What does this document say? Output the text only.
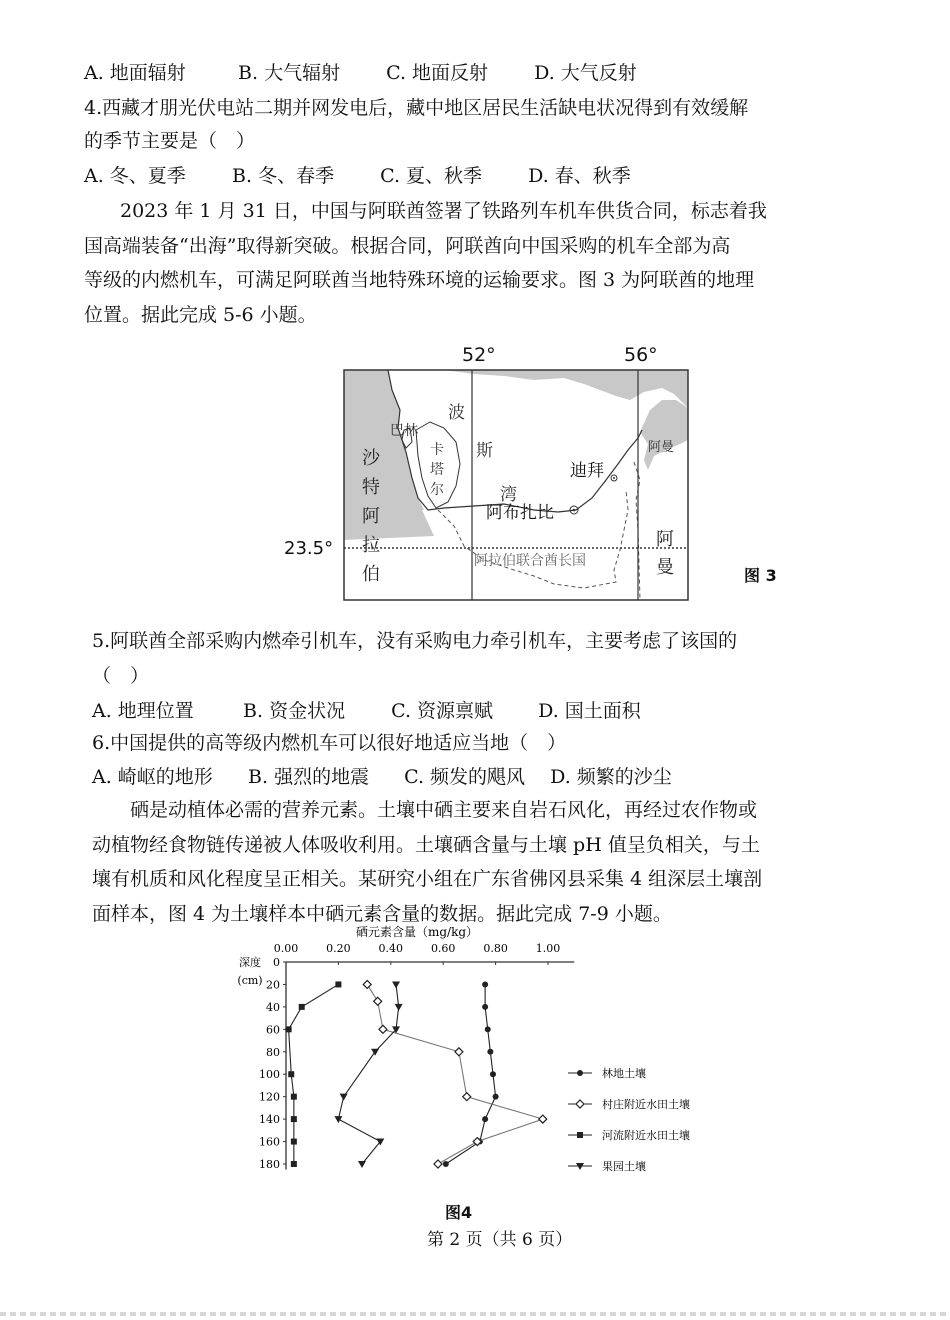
A. 地面辐射	B. 大气辐射 C. 地面反射 D. 大气反射
4.西藏才朋光伏电站二期并网发电后，藏中地区居民生活缺电状况得到有效缓解
的季节主要是（　）
A. 冬、夏季 B. 冬、春季 C. 夏、秋季 D. 春、秋季
2023 年 1 月 31 日，中国与阿联酋签署了铁路列车机车供货合同，标志着我
国高端装备“出海”取得新突破。根据合同，阿联酋向中国采购的机车全部为高
等级的内燃机车，可满足阿联酋当地特殊环境的运输要求。图 3 为阿联酋的地理
位置。据此完成 5-6 小题。
52°	56°
23.5°
波
斯
湾
巴林
卡
塔
尔
沙
特
阿
拉
伯
迪拜
阿布扎比
阿曼
阿
曼
阿拉伯联合酋长国
图 3
5.阿联酋全部采购内燃牵引机车，没有采购电力牵引机车，主要考虑了该国的
（　）
A. 地理位置	B. 资金状况 C. 资源禀赋 D. 国土面积
6.中国提供的高等级内燃机车可以很好地适应当地（　）
A. 崎岖的地形 B. 强烈的地震 C. 频发的飓风 D. 频繁的沙尘
硒是动植体必需的营养元素。土壤中硒主要来自岩石风化，再经过农作物或
动植物经食物链传递被人体吸收利用。土壤硒含量与土壤 pH 值呈负相关，与土
壤有机质和风化程度呈正相关。某研究小组在广东省佛冈县采集 4 组深层土壤剖
面样本，图 4 为土壤样本中硒元素含量的数据。据此完成 7-9 小题。
硒元素含量（mg/kg）
0.00	0.20	0.40	0.60	0.80	1.00
0
20
40
60
80
100
120
140
160
180
深度
(cm)
林地土壤
村庄附近水田土壤
河流附近水田土壤
果园土壤
图4
第 2 页（共 6 页）
